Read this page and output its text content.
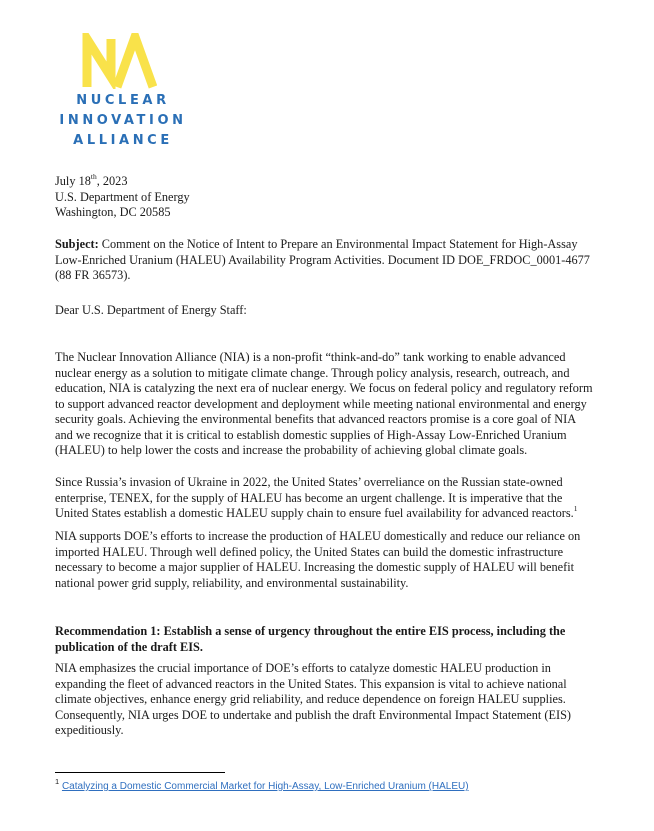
NUCLEAR
INNOVATION
ALLIANCE

July 18th, 2023

U.S. Department of Energy

Washington, DC 20585

Subject: Comment on the Notice of Intent to Prepare an Environmental Impact Statement for High-Assay Low-Enriched Uranium (HALEU) Availability Program Activities. Document ID DOE_FRDOC_0001-4677 (88 FR 36573).

Dear U.S. Department of Energy Staff:
The Nuclear Innovation Alliance (NIA) is a non-profit “think-and-do” tank working to enable advanced nuclear energy as a solution to mitigate climate change. Through policy analysis, research, outreach, and education, NIA is catalyzing the next era of nuclear energy. We focus on federal policy and regulatory reform to support advanced reactor development and deployment while meeting national environmental and energy security goals. Achieving the environmental benefits that advanced reactors promise is a core goal of NIA and we recognize that it is critical to establish domestic supplies of High-Assay Low-Enriched Uranium (HALEU) to help lower the costs and increase the probability of achieving global climate goals.

Since Russia’s invasion of Ukraine in 2022, the United States’ overreliance on the Russian state-owned enterprise, TENEX, for the supply of HALEU has become an urgent challenge. It is imperative that the United States establish a domestic HALEU supply chain to ensure fuel availability for advanced reactors.$^1$

NIA supports DOE’s efforts to increase the production of HALEU domestically and reduce our reliance on imported HALEU. Through well defined policy, the United States can build the domestic infrastructure necessary to become a major supplier of HALEU. Increasing the domestic supply of HALEU will benefit national power grid supply, reliability, and environmental sustainability.

Recommendation 1: Establish a sense of urgency throughout the entire EIS process, including the publication of the draft EIS.

NIA emphasizes the crucial importance of DOE’s efforts to catalyze domestic HALEU production in expanding the fleet of advanced reactors in the United States. This expansion is vital to achieve national climate objectives, enhance energy grid reliability, and reduce dependence on foreign HALEU supplies. Consequently, NIA urges DOE to undertake and publish the draft Environmental Impact Statement (EIS) expeditiously.
$^1$ Catalyzing a Domestic Commercial Market for High-Assay, Low-Enriched Uranium (HALEU)
